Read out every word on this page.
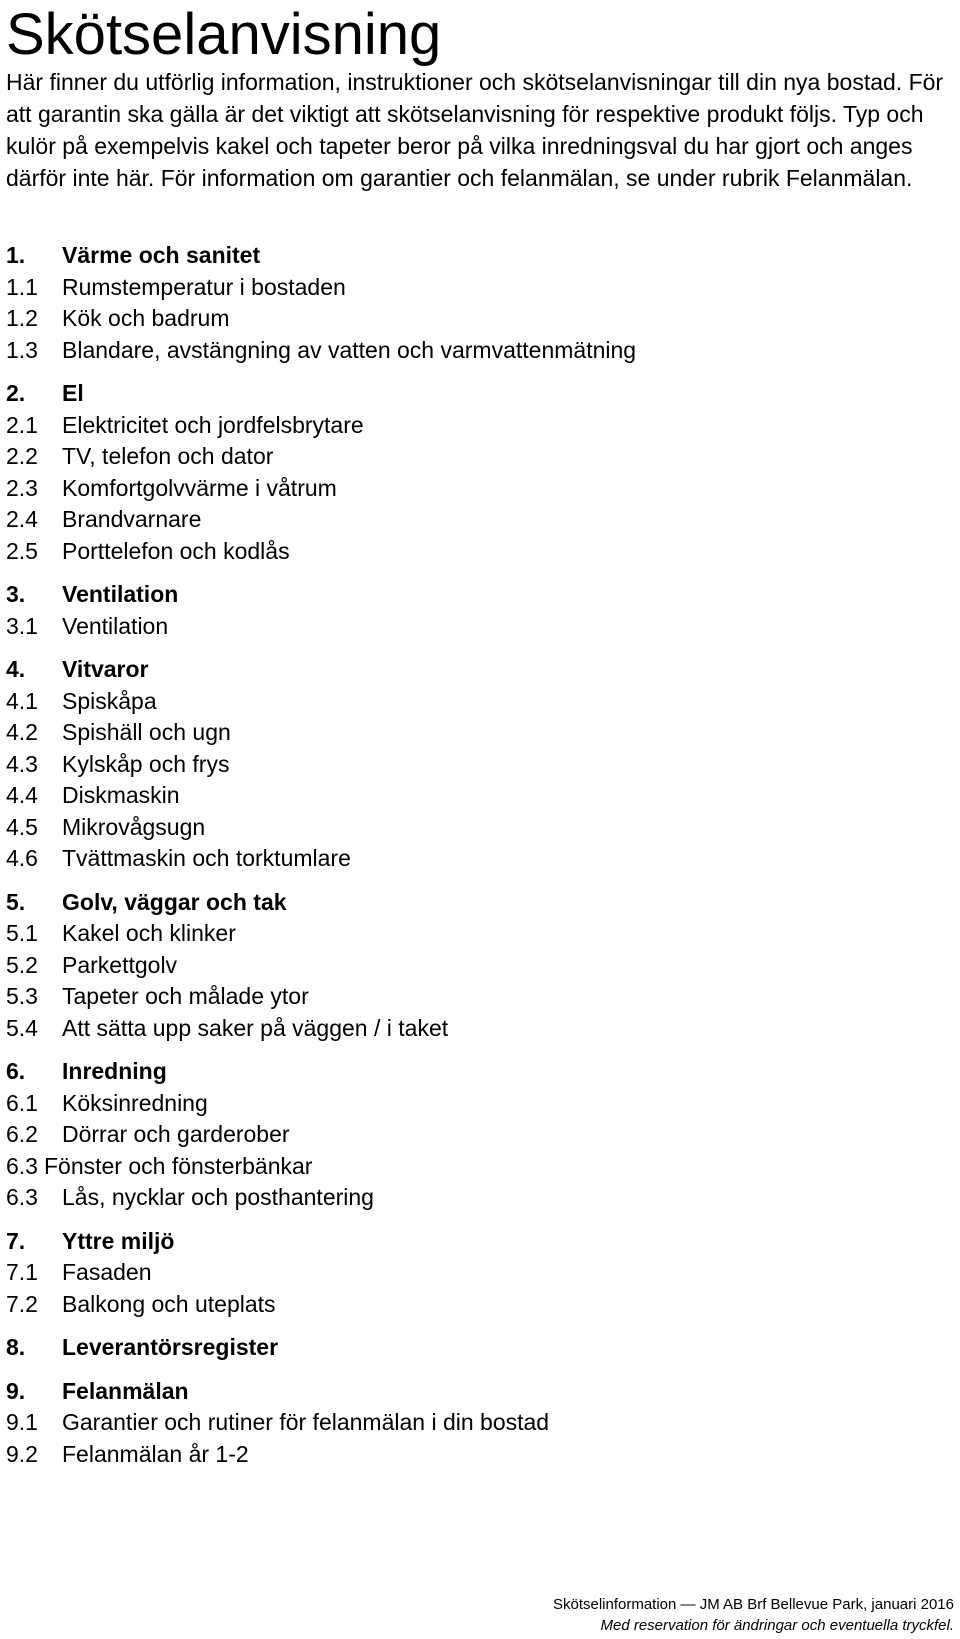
Skötselanvisning

Här finner du utförlig information, instruktioner och skötselanvisningar till din nya bostad. För att garantin ska gälla är det viktigt att skötselanvisning för respektive produkt följs. Typ och kulör på exempelvis kakel och tapeter beror på vilka inredningsval du har gjort och anges därför inte här. För information om garantier och felanmälan, se under rubrik Felanmälan.

1. Värme och sanitet
1.1 Rumstemperatur i bostaden
1.2 Kök och badrum
1.3 Blandare, avstängning av vatten och varmvattenmätning
2. El
2.1 Elektricitet och jordfelsbrytare
2.2 TV, telefon och dator
2.3 Komfortgolvvärme i våtrum
2.4 Brandvarnare
2.5 Porttelefon och kodlås
3. Ventilation
3.1 Ventilation
4. Vitvaror
4.1 Spiskåpa
4.2 Spishäll och ugn
4.3 Kylskåp och frys
4.4 Diskmaskin
4.5 Mikrovågsugn
4.6 Tvättmaskin och torktumlare
5. Golv, väggar och tak
5.1 Kakel och klinker
5.2 Parkettgolv
5.3 Tapeter och målade ytor
5.4 Att sätta upp saker på väggen / i taket
6. Inredning
6.1 Köksinredning
6.2 Dörrar och garderober
6.3 Fönster och fönsterbänkar
6.3 Lås, nycklar och posthantering
7. Yttre miljö
7.1 Fasaden
7.2 Balkong och uteplats
8. Leverantörsregister
9. Felanmälan
9.1 Garantier och rutiner för felanmälan i din bostad
9.2 Felanmälan år 1-2
Skötselinformation — JM AB Brf Bellevue Park, januari 2016
Med reservation för ändringar och eventuella tryckfel.
